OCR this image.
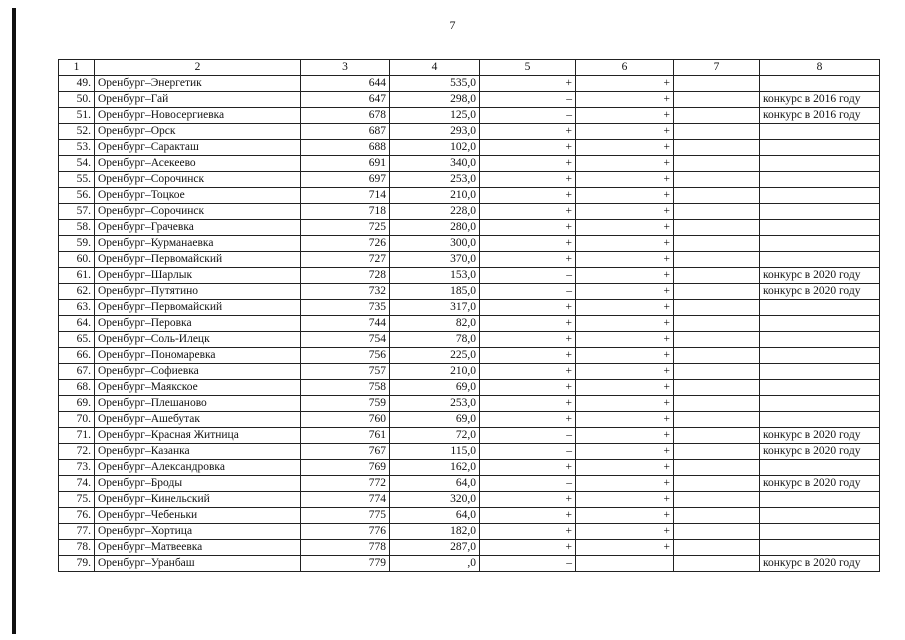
7
1	2	3	4	5	6	7	8
49.	Оренбург–Энергетик	644	535,0	+	+		
50.	Оренбург–Гай	647	298,0	–	+		конкурс в 2016 году
51.	Оренбург–Новосергиевка	678	125,0	–	+		конкурс в 2016 году
52.	Оренбург–Орск	687	293,0	+	+		
53.	Оренбург–Саракташ	688	102,0	+	+		
54.	Оренбург–Асекеево	691	340,0	+	+		
55.	Оренбург–Сорочинск	697	253,0	+	+		
56.	Оренбург–Тоцкое	714	210,0	+	+		
57.	Оренбург–Сорочинск	718	228,0	+	+		
58.	Оренбург–Грачевка	725	280,0	+	+		
59.	Оренбург–Курманаевка	726	300,0	+	+		
60.	Оренбург–Первомайский	727	370,0	+	+		
61.	Оренбург–Шарлык	728	153,0	–	+		конкурс в 2020 году
62.	Оренбург–Путятино	732	185,0	–	+		конкурс в 2020 году
63.	Оренбург–Первомайский	735	317,0	+	+		
64.	Оренбург–Перовка	744	82,0	+	+		
65.	Оренбург–Соль-Илецк	754	78,0	+	+		
66.	Оренбург–Пономаревка	756	225,0	+	+		
67.	Оренбург–Софиевка	757	210,0	+	+		
68.	Оренбург–Маякское	758	69,0	+	+		
69.	Оренбург–Плешаново	759	253,0	+	+		
70.	Оренбург–Ашебутак	760	69,0	+	+		
71.	Оренбург–Красная Житница	761	72,0	–	+		конкурс в 2020 году
72.	Оренбург–Казанка	767	115,0	–	+		конкурс в 2020 году
73.	Оренбург–Александровка	769	162,0	+	+		
74.	Оренбург–Броды	772	64,0	–	+		конкурс в 2020 году
75.	Оренбург–Кинельский	774	320,0	+	+		
76.	Оренбург–Чебеньки	775	64,0	+	+		
77.	Оренбург–Хортица	776	182,0	+	+		
78.	Оренбург–Матвеевка	778	287,0	+	+		
79.	Оренбург–Уранбаш	779	,0	–			конкурс в 2020 году
